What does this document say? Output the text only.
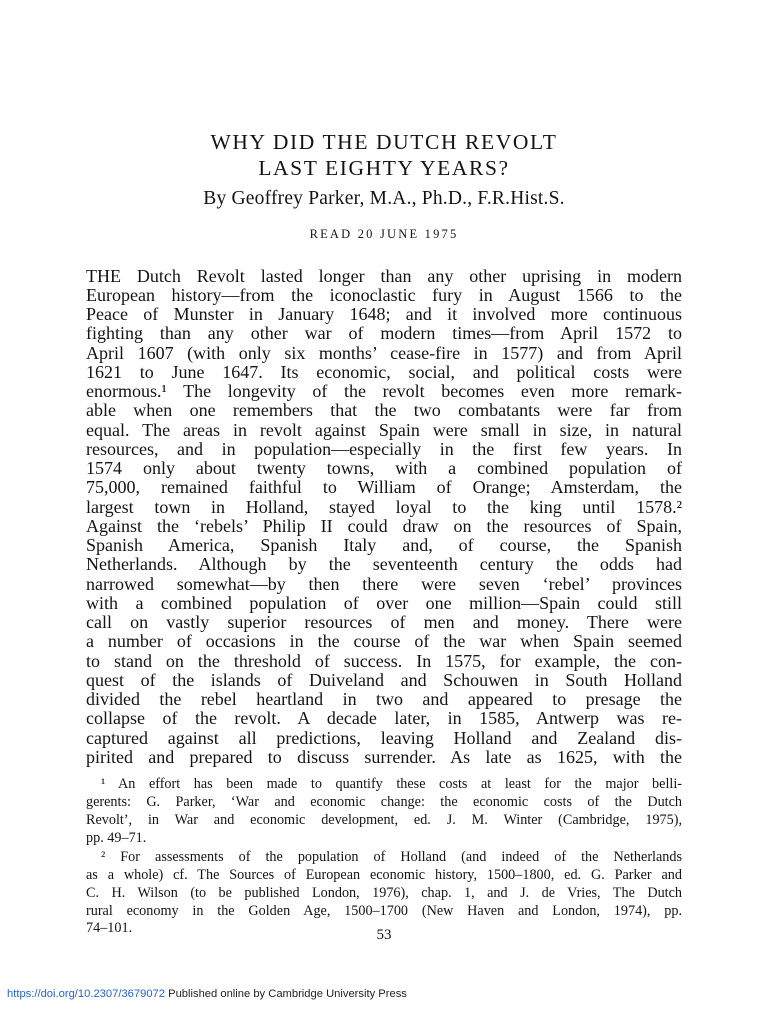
WHY DID THE DUTCH REVOLT
LAST EIGHTY YEARS?
By Geoffrey Parker, M.A., Ph.D., F.R.Hist.S.
READ 20 JUNE 1975

THE Dutch Revolt lasted longer than any other uprising in modern

European history—from the iconoclastic fury in August 1566 to the

Peace of Munster in January 1648; and it involved more continuous

fighting than any other war of modern times—from April 1572 to

April 1607 (with only six months’ cease-fire in 1577) and from April

1621 to June 1647. Its economic, social, and political costs were

enormous.¹ The longevity of the revolt becomes even more remark-

able when one remembers that the two combatants were far from

equal. The areas in revolt against Spain were small in size, in natural

resources, and in population—especially in the first few years. In

1574 only about twenty towns, with a combined population of

75,000, remained faithful to William of Orange; Amsterdam, the

largest town in Holland, stayed loyal to the king until 1578.²

Against the ‘rebels’ Philip II could draw on the resources of Spain,

Spanish America, Spanish Italy and, of course, the Spanish

Netherlands. Although by the seventeenth century the odds had

narrowed somewhat—by then there were seven ‘rebel’ provinces

with a combined population of over one million—Spain could still

call on vastly superior resources of men and money. There were

a number of occasions in the course of the war when Spain seemed

to stand on the threshold of success. In 1575, for example, the con-

quest of the islands of Duiveland and Schouwen in South Holland

divided the rebel heartland in two and appeared to presage the

collapse of the revolt. A decade later, in 1585, Antwerp was re-

captured against all predictions, leaving Holland and Zealand dis-

pirited and prepared to discuss surrender. As late as 1625, with the

¹ An effort has been made to quantify these costs at least for the major belli-

gerents: G. Parker, ‘War and economic change: the economic costs of the Dutch

Revolt’, in War and economic development, ed. J. M. Winter (Cambridge, 1975),

pp. 49–71.

² For assessments of the population of Holland (and indeed of the Netherlands

as a whole) cf. The Sources of European economic history, 1500–1800, ed. G. Parker and

C. H. Wilson (to be published London, 1976), chap. 1, and J. de Vries, The Dutch

rural economy in the Golden Age, 1500–1700 (New Haven and London, 1974), pp.

74–101.	53
https://doi.org/10.2307/3679072 Published online by Cambridge University Press
